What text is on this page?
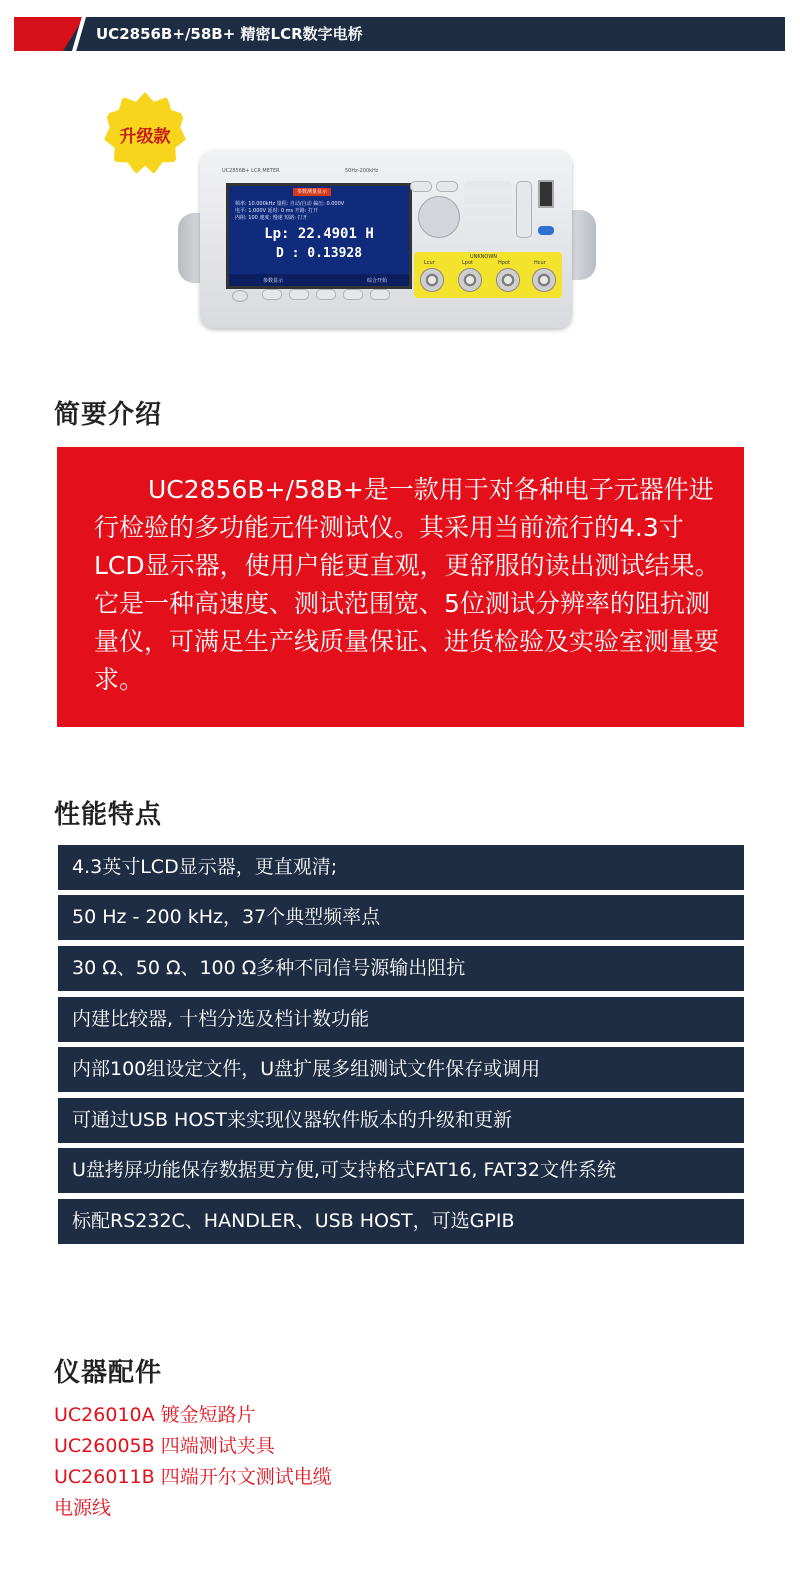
UC2856B+/58B+ 精密LCR数字电桥
UC2856B+ LCR METER	50Hz-200kHz
参数测量显示
频率: 10.000kHz 量程: 自动/自动 偏压: 0.000V
电平: 1.000V 延时: 0 ms 开路: 打开
内阻: 100 速度: 慢速 短路: 打开
Lp: 22.4901 H
D : 0.13928
参数显示	综合开始
UNKNOWN
Lcur	Lpot	Hpot	Hcur
升级款
简要介绍

UC2856B+/58B+是一款用于对各种电子元器件进行检验的多功能元件测试仪。其采用当前流行的4.3寸LCD显示器，使用户能更直观，更舒服的读出测试结果。它是一种高速度、测试范围宽、5位测试分辨率的阻抗测量仪，可满足生产线质量保证、进货检验及实验室测量要求。

性能特点
4.3英寸LCD显示器，更直观清;
50 Hz - 200 kHz，37个典型频率点
30 Ω、50 Ω、100 Ω多种不同信号源输出阻抗
内建比较器, 十档分选及档计数功能
内部100组设定文件，U盘扩展多组测试文件保存或调用
可通过USB HOST来实现仪器软件版本的升级和更新
U盘拷屏功能保存数据更方便,可支持格式FAT16, FAT32文件系统
标配RS232C、HANDLER、USB HOST，可选GPIB
仪器配件
UC26010A 镀金短路片
UC26005B 四端测试夹具
UC26011B 四端开尔文测试电缆
电源线
